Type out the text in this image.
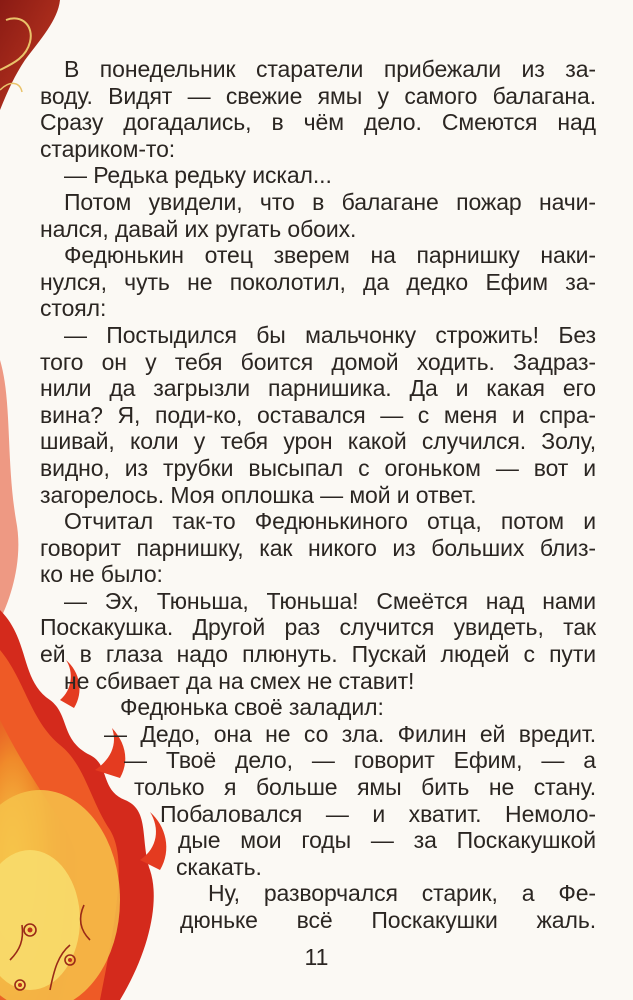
В понедельник старатели прибежали из за-
воду. Видят — свежие ямы у самого балагана.
Сразу догадались, в чём дело. Смеются над
стариком-то:
— Редька редьку искал...
Потом увидели, что в балагане пожар начи-
нался, давай их ругать обоих.
Федюнькин отец зверем на парнишку наки-
нулся, чуть не поколотил, да дедко Ефим за-
стоял:
— Постыдился бы мальчонку строжить! Без
того он у тебя боится домой ходить. Задраз-
нили да загрызли парнишика. Да и какая его
вина? Я, поди-ко, оставался — с меня и спра-
шивай, коли у тебя урон какой случился. Золу,
видно, из трубки высыпал с огоньком — вот и
загорелось. Моя оплошка — мой и ответ.
Отчитал так-то Федюнькиного отца, потом и
говорит парнишку, как никого из больших близ-
ко не было:
— Эх, Тюньша, Тюньша! Смеётся над нами
Поскакушка. Другой раз случится увидеть, так
ей в глаза надо плюнуть. Пускай людей с пути
не сбивает да на смех не ставит!
Федюнька своё заладил:
— Дедо, она не со зла. Филин ей вредит.
— Твоё дело, — говорит Ефим, — а
только я больше ямы бить не стану.
Побаловался — и хватит. Немоло-
дые мои годы — за Поскакушкой
скакать.
Ну, разворчался старик, а Фе-
дюньке всё Поскакушки жаль.
11
